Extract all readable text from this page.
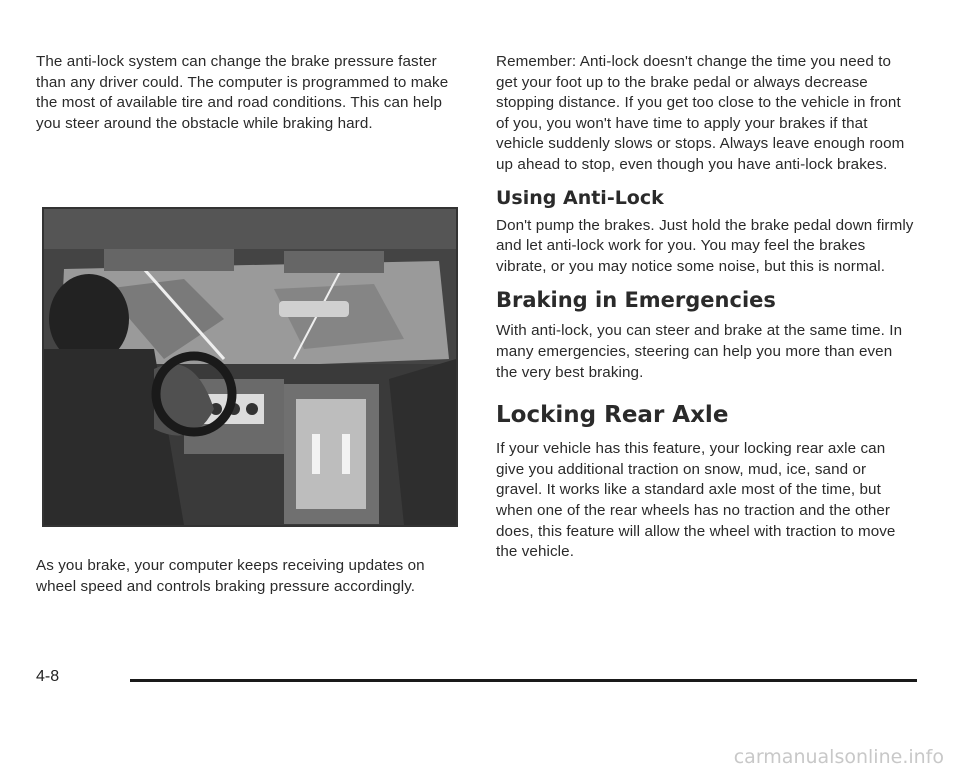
The anti-lock system can change the brake pressure faster than any driver could. The computer is programmed to make the most of available tire and road conditions. This can help you steer around the obstacle while braking hard.

As you brake, your computer keeps receiving updates on wheel speed and controls braking pressure accordingly.

Remember: Anti-lock doesn't change the time you need to get your foot up to the brake pedal or always decrease stopping distance. If you get too close to the vehicle in front of you, you won't have time to apply your brakes if that vehicle suddenly slows or stops. Always leave enough room up ahead to stop, even though you have anti-lock brakes.

Using Anti-Lock

Don't pump the brakes. Just hold the brake pedal down firmly and let anti-lock work for you. You may feel the brakes vibrate, or you may notice some noise, but this is normal.

Braking in Emergencies

With anti-lock, you can steer and brake at the same time. In many emergencies, steering can help you more than even the very best braking.

Locking Rear Axle

If your vehicle has this feature, your locking rear axle can give you additional traction on snow, mud, ice, sand or gravel. It works like a standard axle most of the time, but when one of the rear wheels has no traction and the other does, this feature will allow the wheel with traction to move the vehicle.

4-8
carmanualsonline.info
